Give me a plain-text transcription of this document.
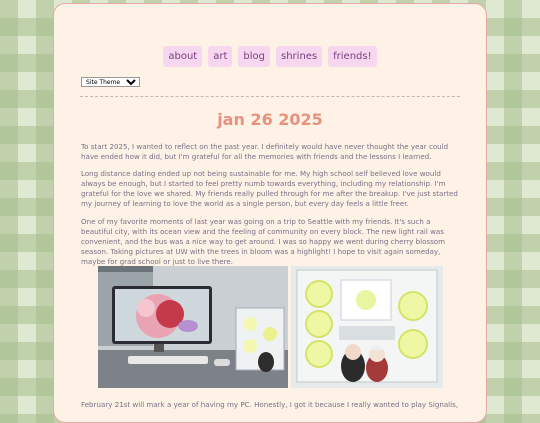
about	art	blog	shrines	friends!
Site Theme
jan 26 2025

To start 2025, I wanted to reflect on the past year. I definitely would have never thought the year could have ended how it did, but I'm grateful for all the memories with friends and the lessons I learned.

Long distance dating ended up not being sustainable for me. My high school self believed love would always be enough, but I started to feel pretty numb towards everything, including my relationship. I'm grateful for the love we shared. My friends really pulled through for me after the breakup. I've just started my journey of learning to love the world as a single person, but every day feels a little freer.

One of my favorite moments of last year was going on a trip to Seattle with my friends. It's such a beautiful city, with its ocean view and the feeling of community on every block. The new light rail was convenient, and the bus was a nice way to get around. I was so happy we went during cherry blossom season. Taking pictures at UW with the trees in bloom was a highlight! I hope to visit again someday, maybe for grad school or just to live there.

February 21st will mark a year of having my PC. Honestly, I got it because I really wanted to play Signalis,
